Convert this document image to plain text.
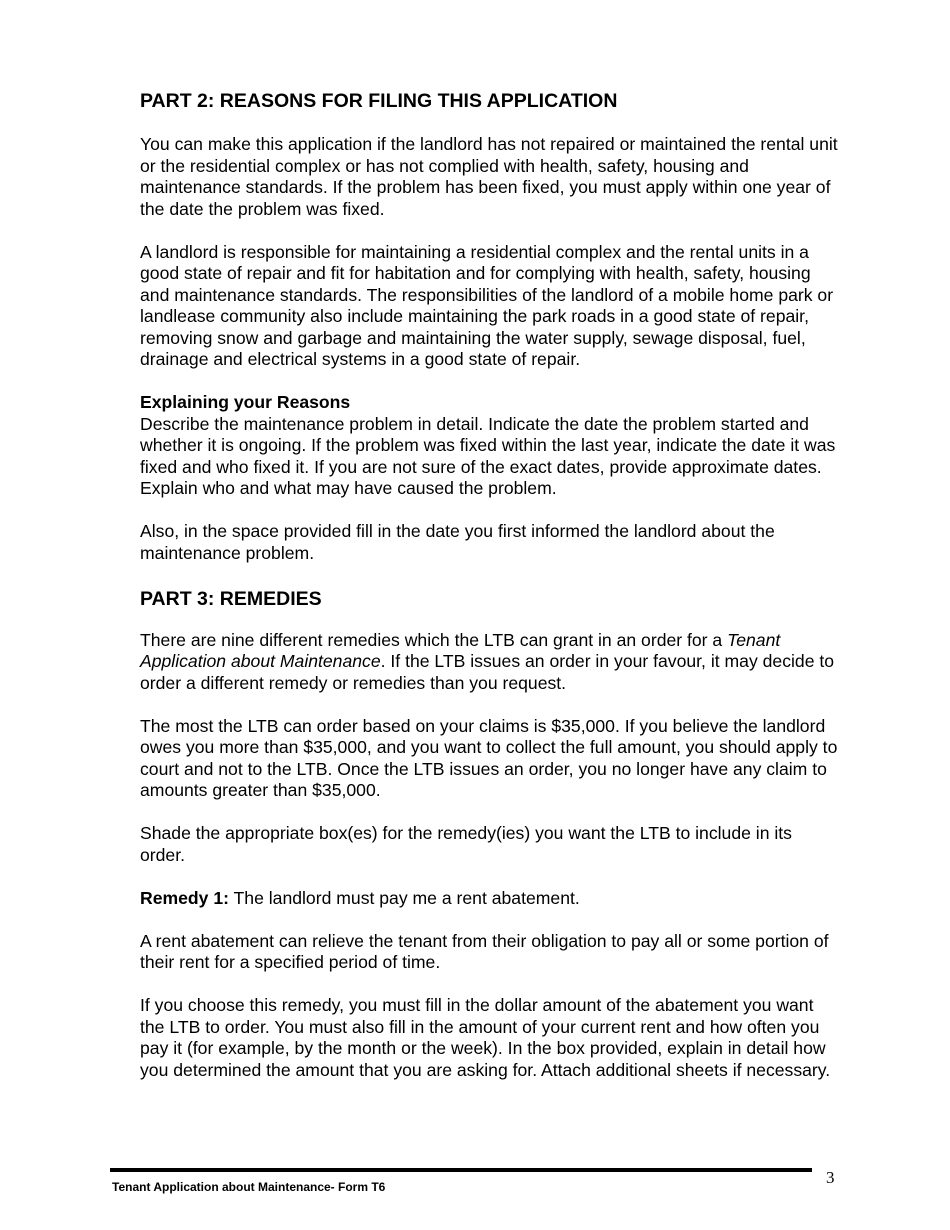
PART 2: REASONS FOR FILING THIS APPLICATION

You can make this application if the landlord has not repaired or maintained the rental unit or the residential complex or has not complied with health, safety, housing and maintenance standards. If the problem has been fixed, you must apply within one year of the date the problem was fixed.

A landlord is responsible for maintaining a residential complex and the rental units in a good state of repair and fit for habitation and for complying with health, safety, housing and maintenance standards. The responsibilities of the landlord of a mobile home park or landlease community also include maintaining the park roads in a good state of repair, removing snow and garbage and maintaining the water supply, sewage disposal, fuel, drainage and electrical systems in a good state of repair.

Explaining your Reasons

Describe the maintenance problem in detail. Indicate the date the problem started and whether it is ongoing. If the problem was fixed within the last year, indicate the date it was fixed and who fixed it. If you are not sure of the exact dates, provide approximate dates. Explain who and what may have caused the problem.

Also, in the space provided fill in the date you first informed the landlord about the maintenance problem.

PART 3: REMEDIES

There are nine different remedies which the LTB can grant in an order for a Tenant Application about Maintenance. If the LTB issues an order in your favour, it may decide to order a different remedy or remedies than you request.

The most the LTB can order based on your claims is $35,000. If you believe the landlord owes you more than $35,000, and you want to collect the full amount, you should apply to court and not to the LTB. Once the LTB issues an order, you no longer have any claim to amounts greater than $35,000.

Shade the appropriate box(es) for the remedy(ies) you want the LTB to include in its order.

Remedy 1: The landlord must pay me a rent abatement.

A rent abatement can relieve the tenant from their obligation to pay all or some portion of their rent for a specified period of time.

If you choose this remedy, you must fill in the dollar amount of the abatement you want the LTB to order. You must also fill in the amount of your current rent and how often you pay it (for example, by the month or the week). In the box provided, explain in detail how you determined the amount that you are asking for. Attach additional sheets if necessary.

Tenant Application about Maintenance- Form T6	3
